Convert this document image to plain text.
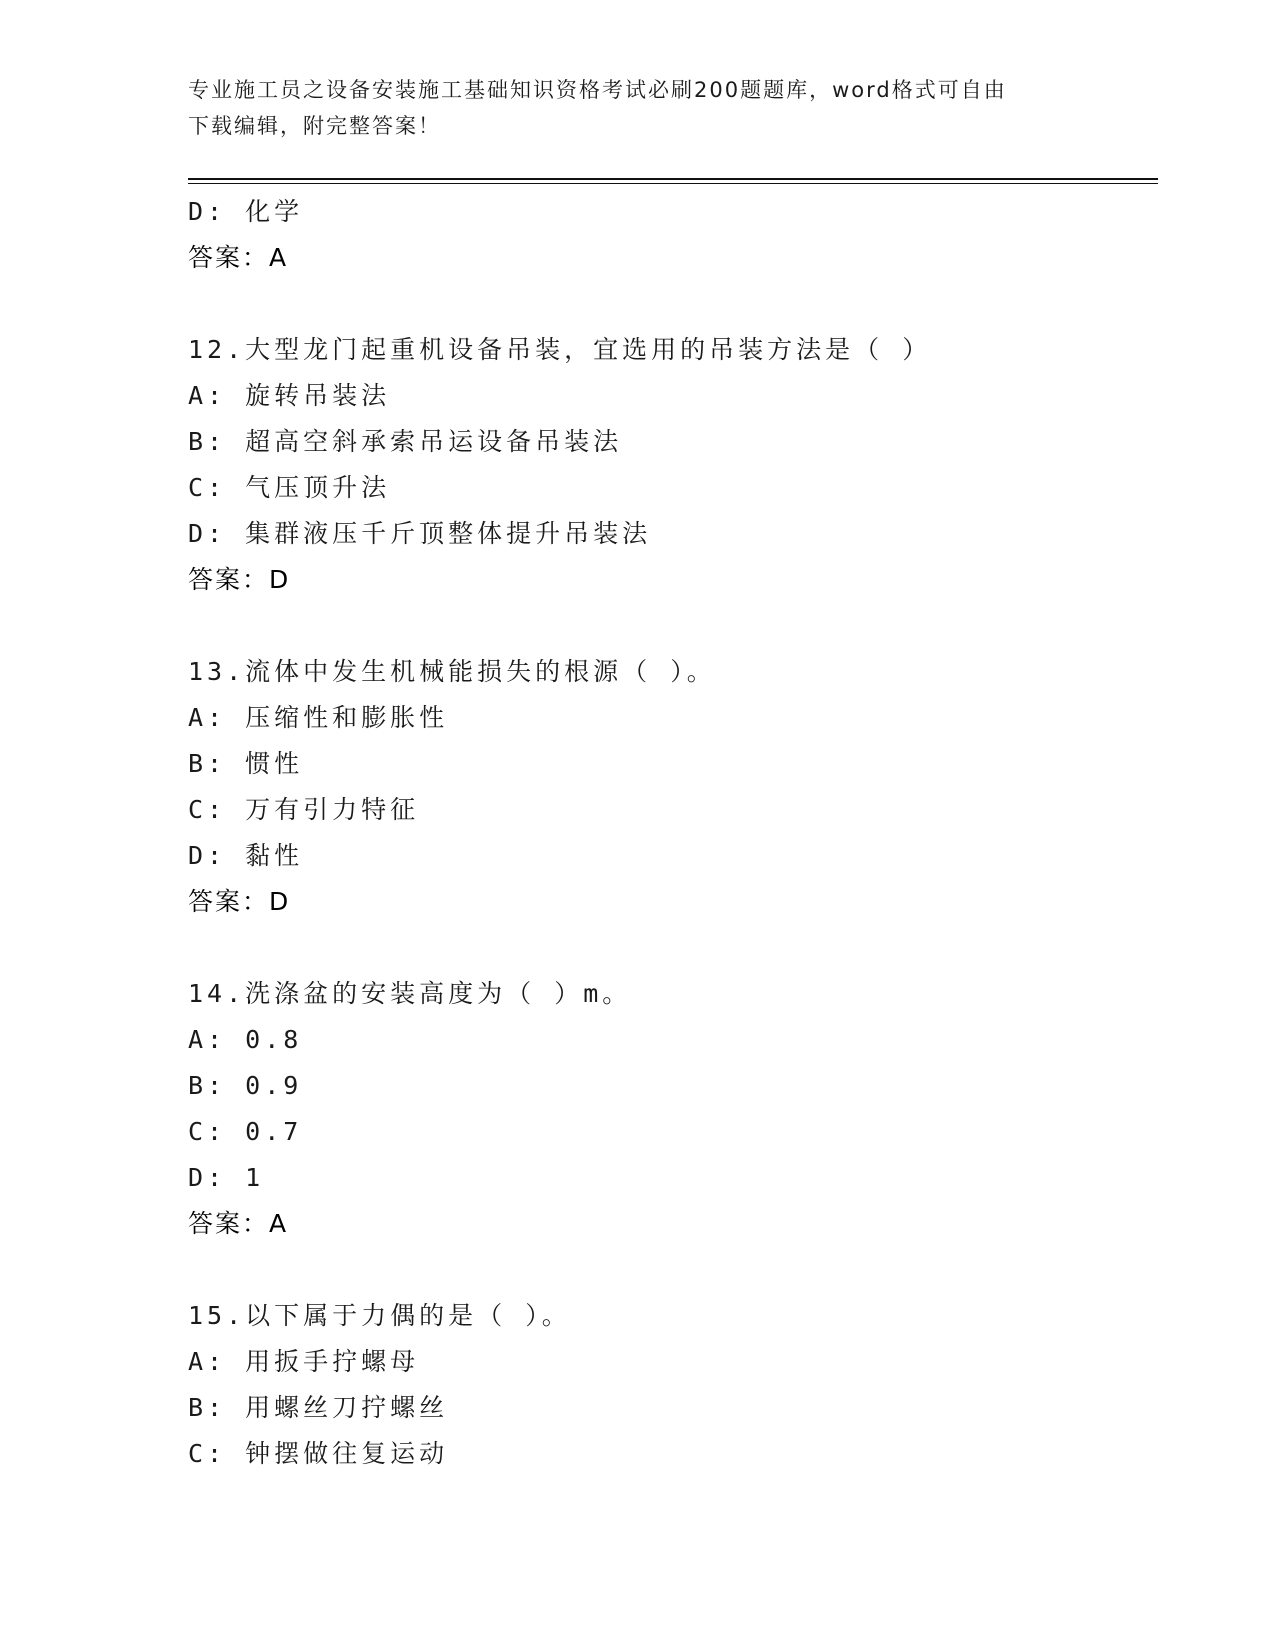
专业施工员之设备安装施工基础知识资格考试必刷200题题库，word格式可自由
下载编辑，附完整答案！
D: 化学
答案：A
12.大型龙门起重机设备吊装，宜选用的吊装方法是（ ）
A: 旋转吊装法
B: 超高空斜承索吊运设备吊装法
C: 气压顶升法
D: 集群液压千斤顶整体提升吊装法
答案：D
13.流体中发生机械能损失的根源（ ）。
A: 压缩性和膨胀性
B: 惯性
C: 万有引力特征
D: 黏性
答案：D
14.洗涤盆的安装高度为（ ）m。
A: 0.8
B: 0.9
C: 0.7
D: 1
答案：A
15.以下属于力偶的是（ ）。
A: 用扳手拧螺母
B: 用螺丝刀拧螺丝
C: 钟摆做往复运动
